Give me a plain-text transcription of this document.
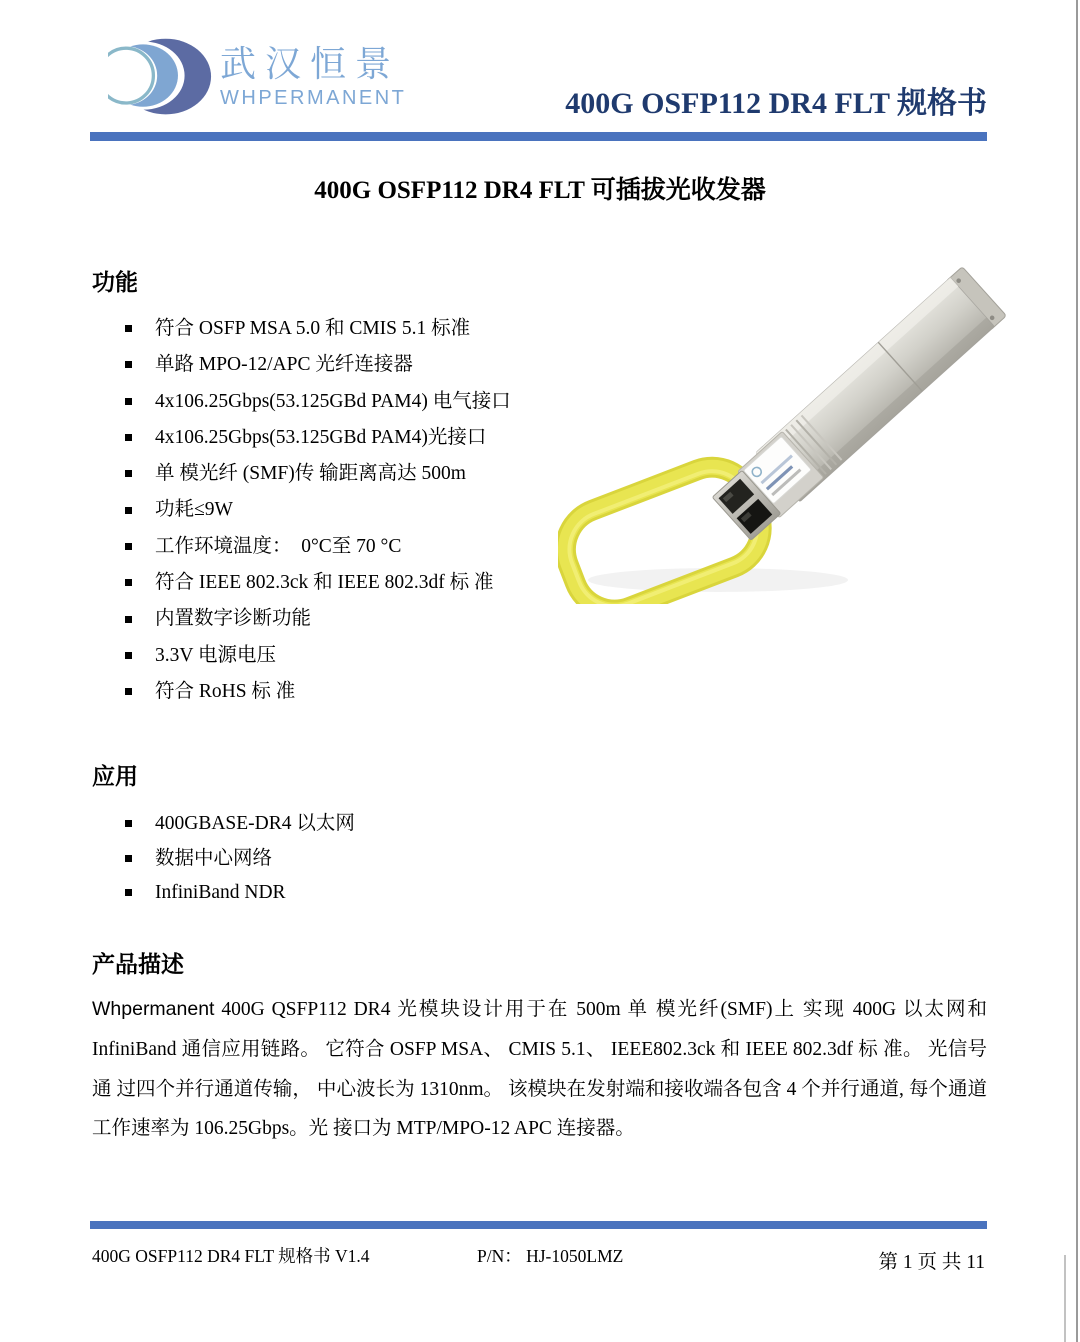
武汉恒景
WHPERMANENT	400G OSFP112 DR4 FLT 规格书
400G OSFP112 DR4 FLT 可插拔光收发器
功能
符合 OSFP MSA 5.0 和 CMIS 5.1 标准
单路 MPO-12/APC 光纤连接器
4x106.25Gbps(53.125GBd PAM4) 电气接口
4x106.25Gbps(53.125GBd PAM4)光接口
单 模光纤 (SMF)传 输距离高达 500m
功耗≤9W
工作环境温度：  0°C至 70 °C
符合 IEEE 802.3ck 和 IEEE 802.3df 标 准
内置数字诊断功能
3.3V 电源电压
符合 RoHS 标 准
应用
400GBASE-DR4 以太网
数据中心网络
InfiniBand NDR
产品描述

Whpermanent 400G QSFP112 DR4 光模块设计用于在 500m 单 模光纤(SMF)上 实现 400G 以太网和 InfiniBand 通信应用链路。 它符合 OSFP MSA、 CMIS 5.1、 IEEE802.3ck 和 IEEE 802.3df 标 准。 光信号通 过四个并行通道传输， 中心波长为 1310nm。 该模块在发射端和接收端各包含 4 个并行通道, 每个通道工作速率为 106.25Gbps。光 接口为 MTP/MPO-12 APC 连接器。

400G OSFP112 DR4 FLT 规格书 V1.4	P/N： HJ-1050LMZ	第 1 页 共 11
